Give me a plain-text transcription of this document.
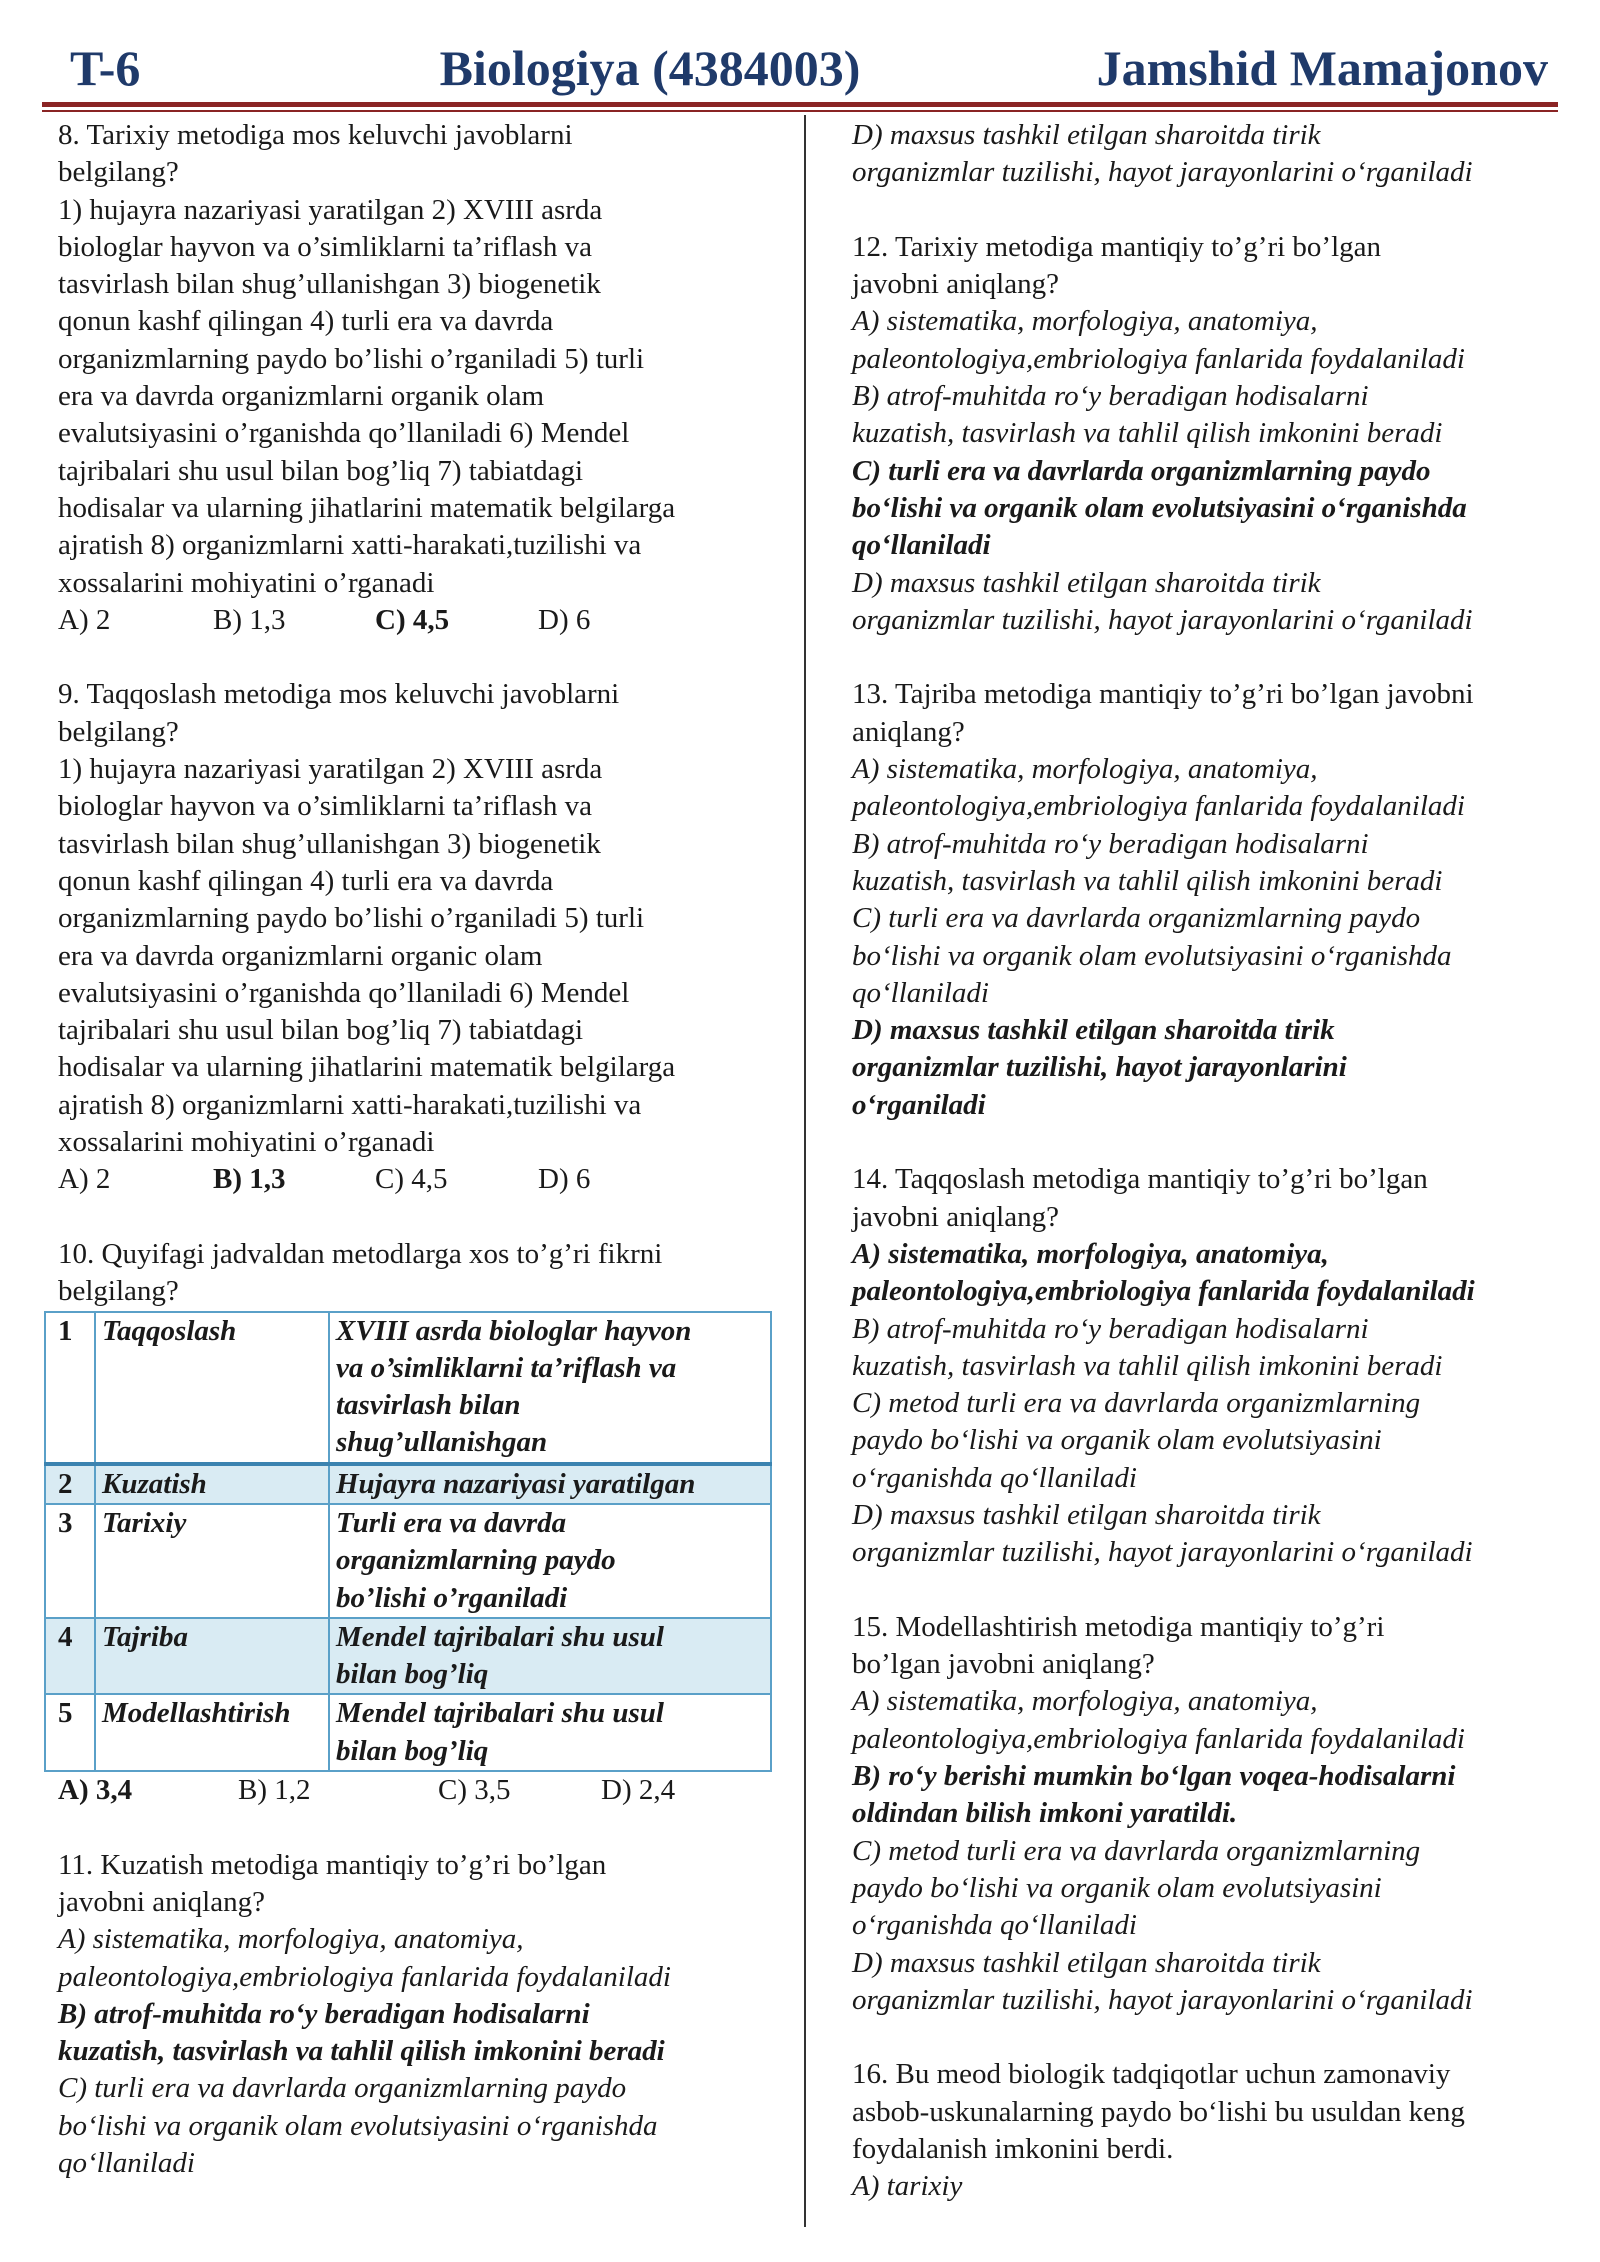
T-6	Biologiya (4384003)	Jamshid Mamajonov
8. Tarixiy metodiga mos keluvchi javoblarni
belgilang?
1) hujayra nazariyasi yaratilgan 2) XVIII asrda
biologlar hayvon va o’simliklarni ta’riflash va
tasvirlash bilan shug’ullanishgan 3) biogenetik
qonun kashf qilingan 4) turli era va davrda
organizmlarning paydo bo’lishi o’rganiladi 5) turli
era va davrda organizmlarni organik olam
evalutsiyasini o’rganishda qo’llaniladi 6) Mendel
tajribalari shu usul bilan bog’liq 7) tabiatdagi
hodisalar va ularning jihatlarini matematik belgilarga
ajratish 8) organizmlarni xatti-harakati,tuzilishi va
xossalarini mohiyatini o’rganadi
A) 2	B) 1,3	C) 4,5	D) 6
9. Taqqoslash metodiga mos keluvchi javoblarni
belgilang?
1) hujayra nazariyasi yaratilgan 2) XVIII asrda
biologlar hayvon va o’simliklarni ta’riflash va
tasvirlash bilan shug’ullanishgan 3) biogenetik
qonun kashf qilingan 4) turli era va davrda
organizmlarning paydo bo’lishi o’rganiladi 5) turli
era va davrda organizmlarni organic olam
evalutsiyasini o’rganishda qo’llaniladi 6) Mendel
tajribalari shu usul bilan bog’liq 7) tabiatdagi
hodisalar va ularning jihatlarini matematik belgilarga
ajratish 8) organizmlarni xatti-harakati,tuzilishi va
xossalarini mohiyatini o’rganadi
A) 2	B) 1,3	C) 4,5	D) 6
10. Quyifagi jadvaldan metodlarga xos to’g’ri fikrni
belgilang?
1	Taqqoslash	XVIII asrda biologlar hayvon
va o’simliklarni ta’riflash va
tasvirlash bilan
shug’ullanishgan

2	Kuzatish	Hujayra nazariyasi yaratilgan

3	Tarixiy	Turli era va davrda
organizmlarning paydo
bo’lishi o’rganiladi

4	Tajriba	Mendel tajribalari shu usul
bilan bog’liq

5	Modellashtirish	Mendel tajribalari shu usul
bilan bog’liq
A) 3,4	B) 1,2	C) 3,5	D) 2,4
11. Kuzatish metodiga mantiqiy to’g’ri bo’lgan
javobni aniqlang?
A) sistematika, morfologiya, anatomiya,
paleontologiya,embriologiya fanlarida foydalaniladi
B) atrof-muhitda ro‘y beradigan hodisalarni
kuzatish, tasvirlash va tahlil qilish imkonini beradi
C) turli era va davrlarda organizmlarning paydo
bo‘lishi va organik olam evolutsiyasini o‘rganishda
qo‘llaniladi
D) maxsus tashkil etilgan sharoitda tirik
organizmlar tuzilishi, hayot jarayonlarini o‘rganiladi
12. Tarixiy metodiga mantiqiy to’g’ri bo’lgan
javobni aniqlang?
A) sistematika, morfologiya, anatomiya,
paleontologiya,embriologiya fanlarida foydalaniladi
B) atrof-muhitda ro‘y beradigan hodisalarni
kuzatish, tasvirlash va tahlil qilish imkonini beradi
C) turli era va davrlarda organizmlarning paydo
bo‘lishi va organik olam evolutsiyasini o‘rganishda
qo‘llaniladi
D) maxsus tashkil etilgan sharoitda tirik
organizmlar tuzilishi, hayot jarayonlarini o‘rganiladi
13. Tajriba metodiga mantiqiy to’g’ri bo’lgan javobni
aniqlang?
A) sistematika, morfologiya, anatomiya,
paleontologiya,embriologiya fanlarida foydalaniladi
B) atrof-muhitda ro‘y beradigan hodisalarni
kuzatish, tasvirlash va tahlil qilish imkonini beradi
C) turli era va davrlarda organizmlarning paydo
bo‘lishi va organik olam evolutsiyasini o‘rganishda
qo‘llaniladi
D) maxsus tashkil etilgan sharoitda tirik
organizmlar tuzilishi, hayot jarayonlarini
o‘rganiladi
14. Taqqoslash metodiga mantiqiy to’g’ri bo’lgan
javobni aniqlang?
A) sistematika, morfologiya, anatomiya,
paleontologiya,embriologiya fanlarida foydalaniladi
B) atrof-muhitda ro‘y beradigan hodisalarni
kuzatish, tasvirlash va tahlil qilish imkonini beradi
C) metod turli era va davrlarda organizmlarning
paydo bo‘lishi va organik olam evolutsiyasini
o‘rganishda qo‘llaniladi
D) maxsus tashkil etilgan sharoitda tirik
organizmlar tuzilishi, hayot jarayonlarini o‘rganiladi
15. Modellashtirish metodiga mantiqiy to’g’ri
bo’lgan javobni aniqlang?
A) sistematika, morfologiya, anatomiya,
paleontologiya,embriologiya fanlarida foydalaniladi
B) ro‘y berishi mumkin bo‘lgan voqea-hodisalarni
oldindan bilish imkoni yaratildi.
C) metod turli era va davrlarda organizmlarning
paydo bo‘lishi va organik olam evolutsiyasini
o‘rganishda qo‘llaniladi
D) maxsus tashkil etilgan sharoitda tirik
organizmlar tuzilishi, hayot jarayonlarini o‘rganiladi
16. Bu meod biologik tadqiqotlar uchun zamonaviy
asbob-uskunalarning paydo bo‘lishi bu usuldan keng
foydalanish imkonini berdi.
A) tarixiy
